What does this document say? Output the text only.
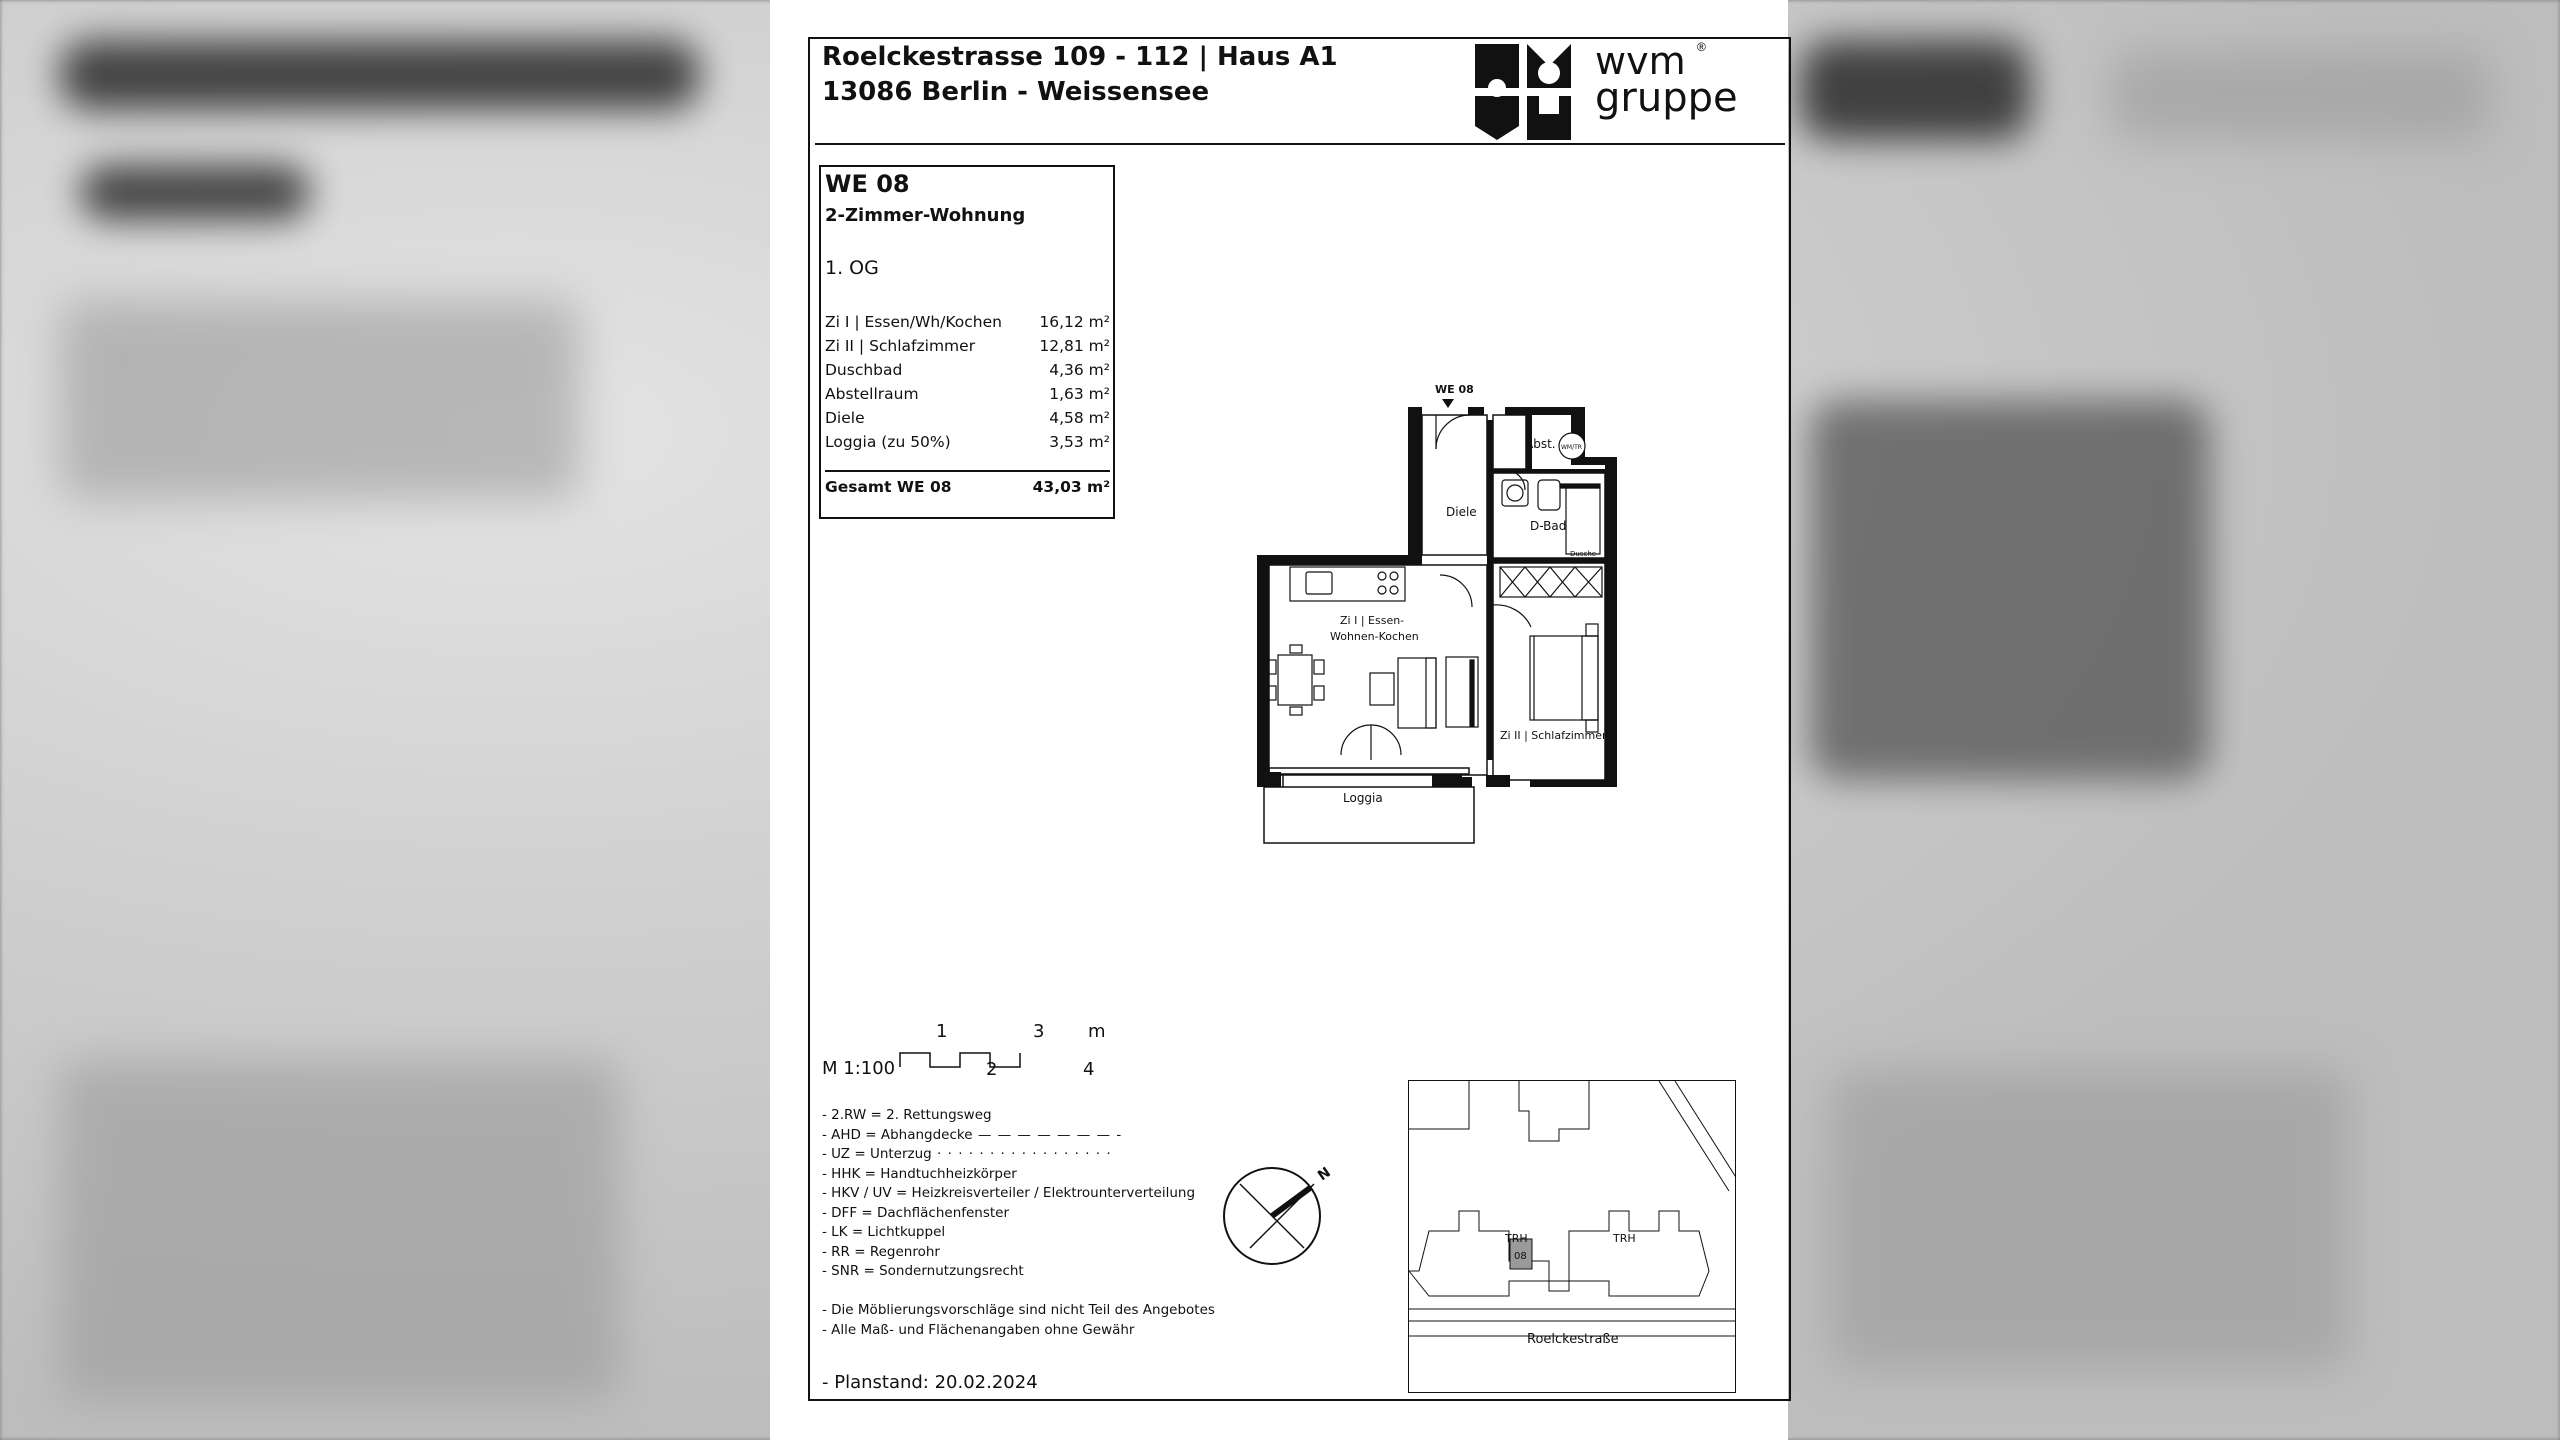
Roelckestrasse 109 - 112 | Haus A1
13086 Berlin - Weissensee
wvm ®
gruppe
WE 08
2-Zimmer-Wohnung
1. OG
Zi I | Essen/Wh/Kochen 16,12 m²
Zi II | Schlafzimmer	12,81 m²
Duschbad	4,36 m²
Abstellraum	1,63 m²
Diele	4,58 m²
Loggia (zu 50%)	3,53 m²
Gesamt WE 08	43,03 m²
WE 08
WM/TR
Abst.
Diele
D-Bad
Dusche
Zi I | Essen-
Wohnen-Kochen
Zi II | Schlafzimmer
Loggia
M 1:100
1	3 m
2	4
- 2.RW = 2. Rettungsweg
- AHD = Abhangdecke — — — — — — — -
- UZ = Unterzug · · · · · · · · · · · · · · · · ·
- HHK = Handtuchheizkörper
- HKV / UV = Heizkreisverteiler / Elektrounterverteilung
- DFF = Dachflächenfenster
- LK = Lichtkuppel
- RR = Regenrohr
- SNR = Sondernutzungsrecht
- Die Möblierungsvorschläge sind nicht Teil des Angebotes
- Alle Maß- und Flächenangaben ohne Gewähr
- Planstand: 20.02.2024
N
TRH	TRH
08
Roelckestraße
